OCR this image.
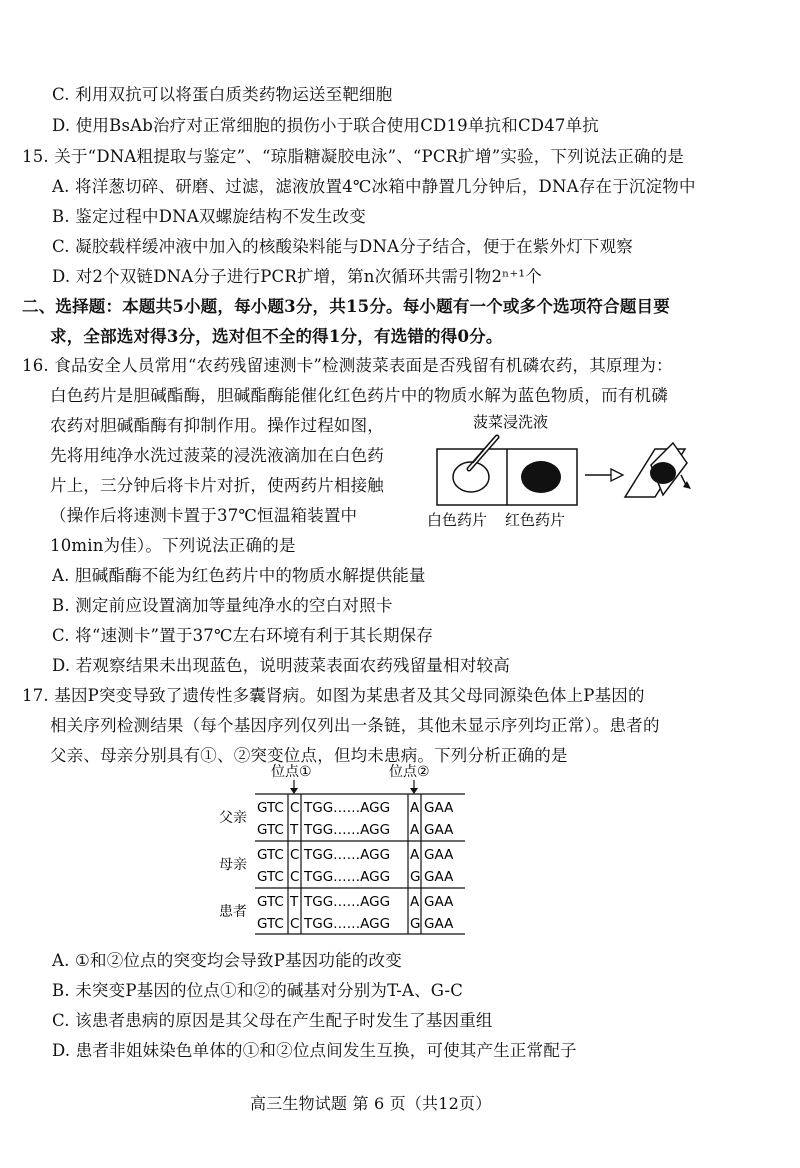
C. 利用双抗可以将蛋白质类药物运送至靶细胞
D. 使用BsAb治疗对正常细胞的损伤小于联合使用CD19单抗和CD47单抗
15. 关于“DNA粗提取与鉴定”、“琼脂糖凝胶电泳”、“PCR扩增”实验，下列说法正确的是
A. 将洋葱切碎、研磨、过滤，滤液放置4℃冰箱中静置几分钟后，DNA存在于沉淀物中
B. 鉴定过程中DNA双螺旋结构不发生改变
C. 凝胶载样缓冲液中加入的核酸染料能与DNA分子结合，便于在紫外灯下观察
D. 对2个双链DNA分子进行PCR扩增，第n次循环共需引物2ⁿ⁺¹个
二、选择题：本题共5小题，每小题3分，共15分。每小题有一个或多个选项符合题目要
求，全部选对得3分，选对但不全的得1分，有选错的得0分。
16. 食品安全人员常用“农药残留速测卡”检测菠菜表面是否残留有机磷农药，其原理为：
白色药片是胆碱酯酶，胆碱酯酶能催化红色药片中的物质水解为蓝色物质，而有机磷
农药对胆碱酯酶有抑制作用。操作过程如图，
先将用纯净水洗过菠菜的浸洗液滴加在白色药
片上，三分钟后将卡片对折，使两药片相接触
（操作后将速测卡置于37℃恒温箱装置中
10min为佳）。下列说法正确的是
菠菜浸洗液
白色药片 红色药片
A. 胆碱酯酶不能为红色药片中的物质水解提供能量
B. 测定前应设置滴加等量纯净水的空白对照卡
C. 将“速测卡”置于37℃左右环境有利于其长期保存
D. 若观察结果未出现蓝色，说明菠菜表面农药残留量相对较高
17. 基因P突变导致了遗传性多囊肾病。如图为某患者及其父母同源染色体上P基因的
相关序列检测结果（每个基因序列仅列出一条链，其他未显示序列均正常）。患者的
父亲、母亲分别具有①、②突变位点，但均未患病。下列分析正确的是
位点①	位点②
父亲
GTC C TGG……AGG A GAA
GTC T TGG……AGG A GAA
母亲
GTC C TGG……AGG A GAA
GTC C TGG……AGG G GAA
患者
GTC T TGG……AGG A GAA
GTC C TGG……AGG G GAA
A. ①和②位点的突变均会导致P基因功能的改变
B. 未突变P基因的位点①和②的碱基对分别为T-A、G-C
C. 该患者患病的原因是其父母在产生配子时发生了基因重组
D. 患者非姐妹染色单体的①和②位点间发生互换，可使其产生正常配子
高三生物试题 第 6 页（共12页）
